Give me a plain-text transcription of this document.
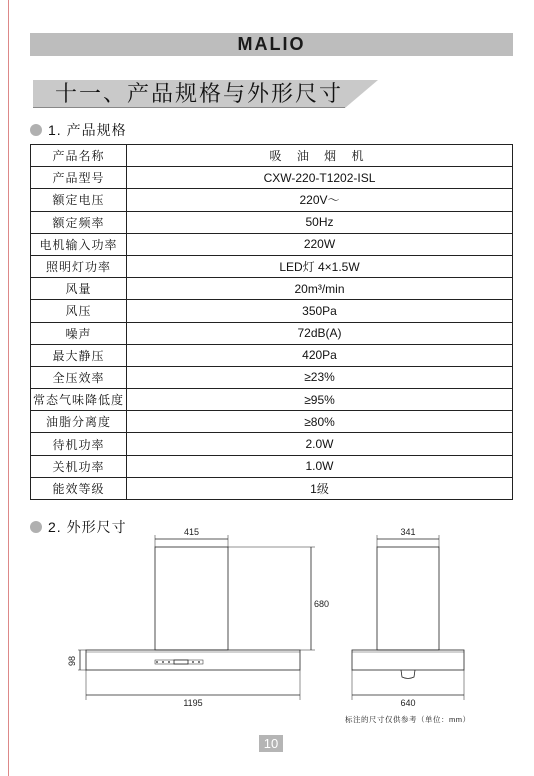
MALIO
十一、产品规格与外形尺寸
1. 产品规格
产品名称	吸 油 烟 机
产品型号	CXW-220-T1202-ISL
额定电压	220V～
额定频率	50Hz
电机输入功率	220W
照明灯功率	LED灯 4×1.5W
风量	20m³/min
风压	350Pa
噪声	72dB(A)
最大静压	420Pa
全压效率	≥23%
常态气味降低度	≥95%
油脂分离度	≥80%
待机功率	2.0W
关机功率	1.0W
能效等级	1级
2. 外形尺寸	415
680
98
1195
341
640
标注的尺寸仅供参考（单位：mm）
10
